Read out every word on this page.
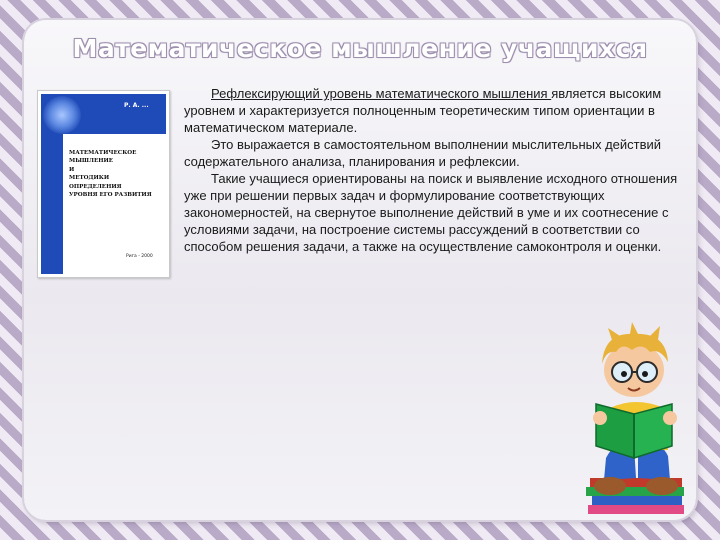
Математическое мышление учащихся
Р. А. ...
МАТЕМАТИЧЕСКОЕ
МЫШЛЕНИЕ
И
МЕТОДИКИ ОПРЕДЕЛЕНИЯ
УРОВНЯ ЕГО РАЗВИТИЯ
Рига - 2000

Рефлексирующий уровень математического мышления является высоким уровнем и характеризуется полноценным теоретическим типом ориентации в математическом материале.

Это выражается в самостоятельном выполнении мыслительных действий содержательного анализа, планирования и рефлексии.

Такие учащиеся ориентированы на поиск и выявление исходного отношения уже при решении первых задач и формулирование соответствующих закономерностей, на свернутое выполнение действий в уме и их соотнесение с условиями задачи, на построение системы рассуждений в соответствии со способом решения задачи, а также на осуществление самоконтроля и оценки.
